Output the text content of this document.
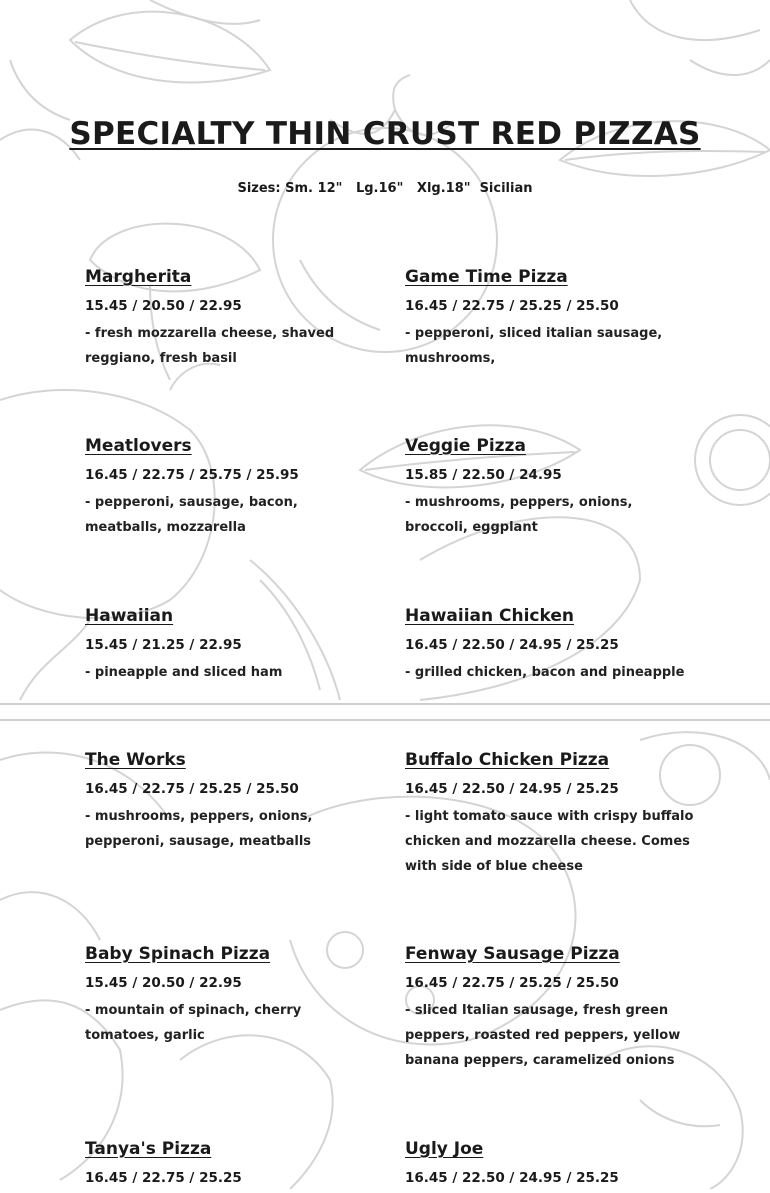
SPECIALTY THIN CRUST RED PIZZAS
Sizes: Sm. 12"   Lg.16"   Xlg.18"  Sicilian
Margherita
15.45 / 20.50 / 22.95
- fresh mozzarella cheese, shaved reggiano, fresh basil
Game Time Pizza
16.45 / 22.75 / 25.25 / 25.50
- pepperoni, sliced italian sausage, mushrooms,
Meatlovers
16.45 / 22.75 / 25.75 / 25.95
- pepperoni, sausage, bacon, meatballs, mozzarella
Veggie Pizza
15.85 / 22.50 / 24.95
- mushrooms, peppers, onions, broccoli, eggplant
Hawaiian
15.45 / 21.25 / 22.95
- pineapple and sliced ham
Hawaiian Chicken
16.45 / 22.50 / 24.95 / 25.25
- grilled chicken, bacon and pineapple
The Works
16.45 / 22.75 / 25.25 / 25.50
- mushrooms, peppers, onions, pepperoni, sausage, meatballs
Buffalo Chicken Pizza
16.45 / 22.50 / 24.95 / 25.25
- light tomato sauce with crispy buffalo chicken and mozzarella cheese. Comes with side of blue cheese
Baby Spinach Pizza
15.45 / 20.50 / 22.95
- mountain of spinach, cherry tomatoes, garlic
Fenway Sausage Pizza
16.45 / 22.75 / 25.25 / 25.50
- sliced Italian sausage, fresh green peppers, roasted red peppers, yellow banana peppers, caramelized onions
Tanya's Pizza
16.45 / 22.75 / 25.25
Ugly Joe
16.45 / 22.50 / 24.95 / 25.25
